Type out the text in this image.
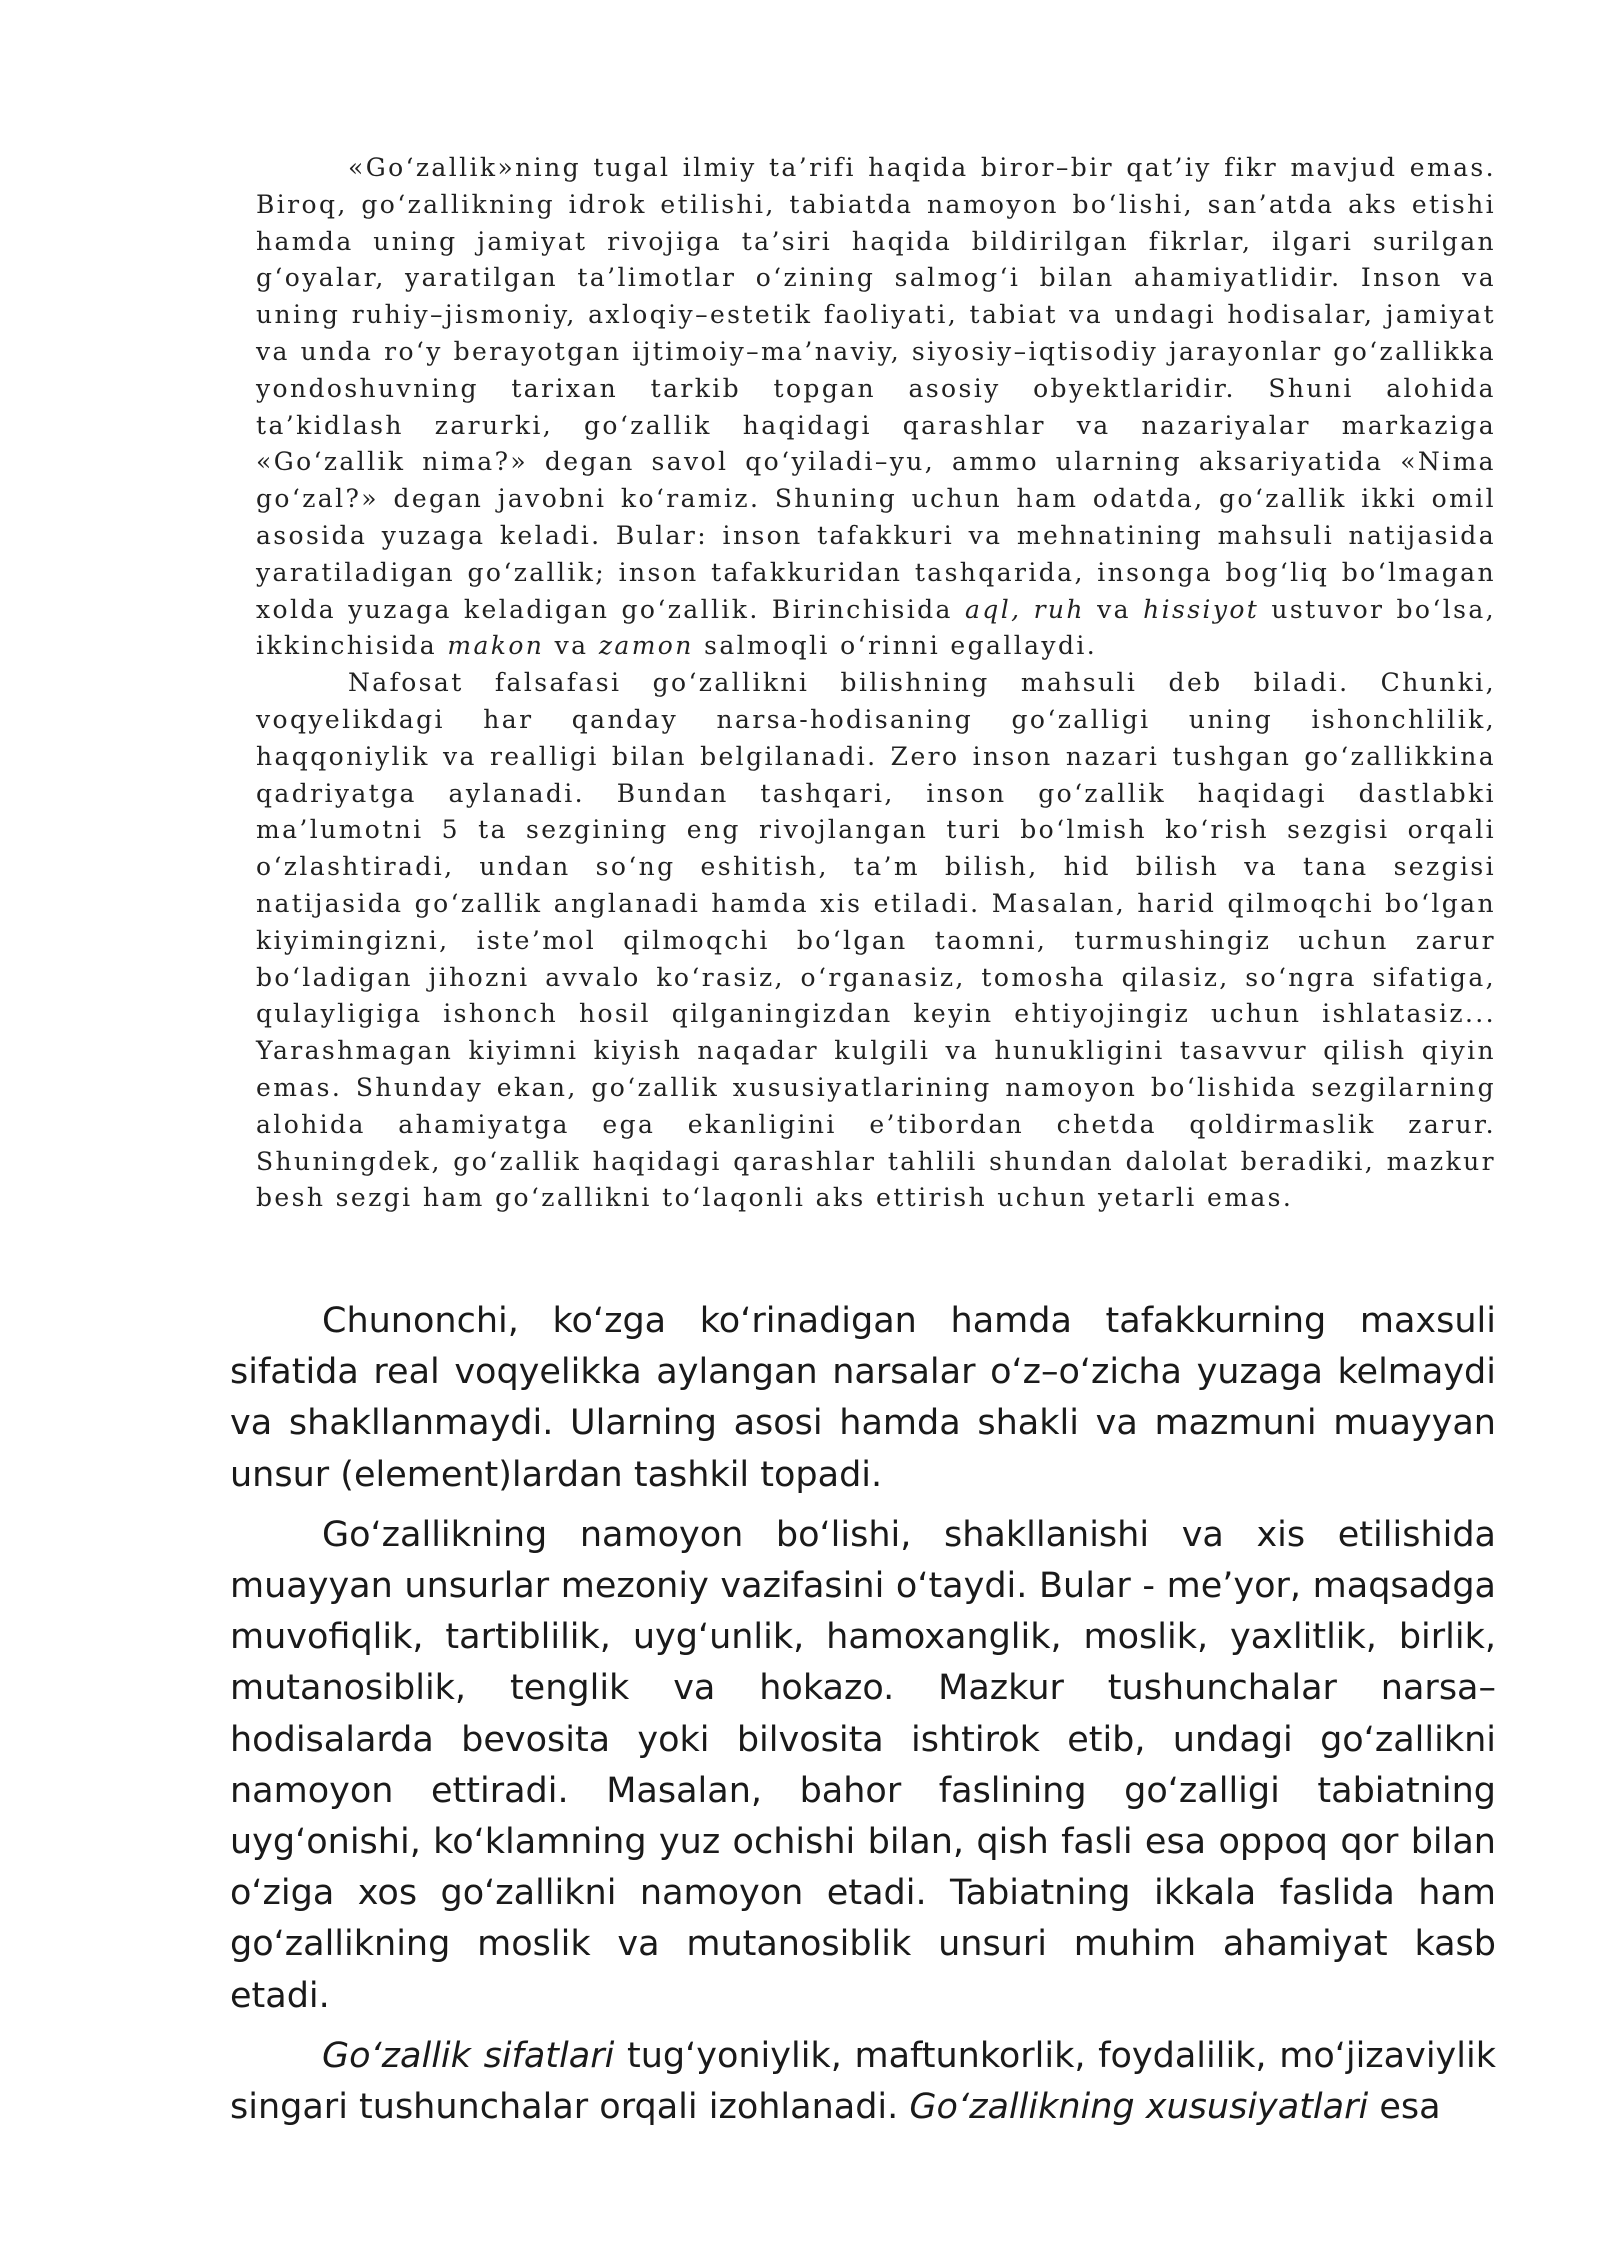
«Go‘zallik»ning tugal ilmiy ta’rifi haqida biror–bir qat’iy fikr mavjud emas. Biroq, go‘zallikning idrok etilishi, tabiatda namoyon bo‘lishi, san’atda aks etishi hamda uning jamiyat rivojiga ta’siri haqida bildirilgan fikrlar, ilgari surilgan g‘oyalar, yaratilgan ta’limotlar o‘zining salmog‘i bilan ahamiyatlidir. Inson va uning ruhiy–jismoniy, axloqiy–estetik faoliyati, tabiat va undagi hodisalar, jamiyat va unda ro‘y berayotgan ijtimoiy–ma’naviy, siyosiy–iqtisodiy jarayonlar go‘zallikka yondoshuvning tarixan tarkib topgan asosiy obyektlaridir. Shuni alohida ta’kidlash zarurki, go‘zallik haqidagi qarashlar va nazariyalar markaziga «Go‘zallik nima?» degan savol qo‘yiladi–yu, ammo ularning aksariyatida «Nima go‘zal?» degan javobni ko‘ramiz. Shuning uchun ham odatda, go‘zallik ikki omil asosida yuzaga keladi. Bular: inson tafakkuri va mehnatining mahsuli natijasida yaratiladigan go‘zallik; inson tafakkuridan tashqarida, insonga bog‘liq bo‘lmagan xolda yuzaga keladigan go‘zallik. Birinchisida aql, ruh va hissiyot ustuvor bo‘lsa, ikkinchisida makon va zamon salmoqli o‘rinni egallaydi.

Nafosat falsafasi go‘zallikni bilishning mahsuli deb biladi. Chunki, voqyelikdagi har qanday narsa-hodisaning go‘zalligi uning ishonchlilik, haqqoniylik va realligi bilan belgilanadi. Zero inson nazari tushgan go‘zallikkina qadriyatga aylanadi. Bundan tashqari, inson go‘zallik haqidagi dastlabki ma’lumotni 5 ta sezgining eng rivojlangan turi bo‘lmish ko‘rish sezgisi orqali o‘zlashtiradi, undan so‘ng eshitish, ta’m bilish, hid bilish va tana sezgisi natijasida go‘zallik anglanadi hamda xis etiladi. Masalan, harid qilmoqchi bo‘lgan kiyimingizni, iste’mol qilmoqchi bo‘lgan taomni, turmushingiz uchun zarur bo‘ladigan jihozni avvalo ko‘rasiz, o‘rganasiz, tomosha qilasiz, so‘ngra sifatiga, qulayligiga ishonch hosil qilganingizdan keyin ehtiyojingiz uchun ishlatasiz... Yarashmagan kiyimni kiyish naqadar kulgili va hunukligini tasavvur qilish qiyin emas. Shunday ekan, go‘zallik xususiyatlarining namoyon bo‘lishida sezgilarning alohida ahamiyatga ega ekanligini e’tibordan chetda qoldirmaslik zarur. Shuningdek, go‘zallik haqidagi qarashlar tahlili shundan dalolat beradiki, mazkur besh sezgi ham go‘zallikni to‘laqonli aks ettirish uchun yetarli emas.

Chunonchi, koʻzga koʻrinadigan hamda tafakkurning maxsuli sifatida real voqyelikka aylangan narsalar oʻz–oʻzicha yuzaga kelmaydi va shakllanmaydi. Ularning asosi hamda shakli va mazmuni muayyan unsur (element)lardan tashkil topadi.

Goʻzallikning namoyon boʻlishi, shakllanishi va xis etilishida muayyan unsurlar mezoniy vazifasini oʻtaydi. Bular - meʼyor, maqsadga muvofiqlik, tartiblilik, uygʻunlik, hamoxanglik, moslik, yaxlitlik, birlik, mutanosiblik, tenglik va hokazo. Mazkur tushunchalar narsa–hodisalarda bevosita yoki bilvosita ishtirok etib, undagi goʻzallikni namoyon ettiradi. Masalan, bahor faslining goʻzalligi tabiatning uygʻonishi, koʻklamning yuz ochishi bilan, qish fasli esa oppoq qor bilan oʻziga xos goʻzallikni namoyon etadi. Tabiatning ikkala faslida ham goʻzallikning moslik va mutanosiblik unsuri muhim ahamiyat kasb etadi.

Goʻzallik sifatlari tugʻyoniylik, maftunkorlik, foydalilik, moʻjizaviylik singari tushunchalar orqali izohlanadi. Goʻzallikning xususiyatlari esa
